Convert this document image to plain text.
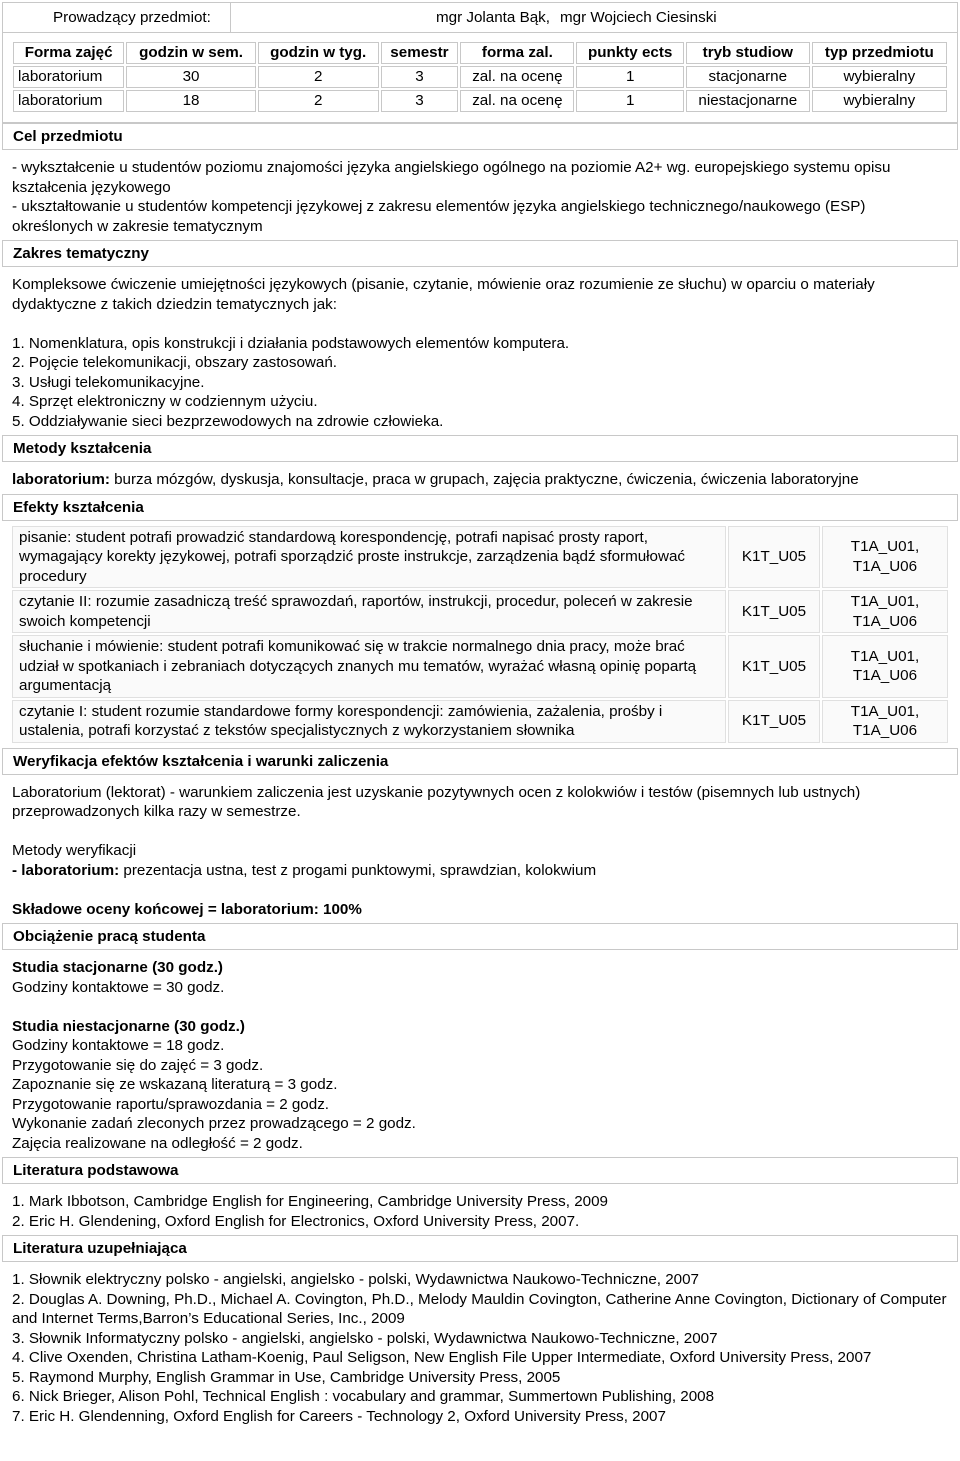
Prowadzący przedmiot:	mgr Jolanta Bąk, mgr Wojciech Ciesinski
Forma zajęć	godzin w sem.	godzin w tyg.	semestr	forma zal.	punkty ects	tryb studiow	typ przedmiotu
laboratorium	30	2	3	zal. na ocenę	1	stacjonarne	wybieralny
laboratorium	18	2	3	zal. na ocenę	1	niestacjonarne	wybieralny
Cel przedmiotu

- wykształcenie u studentów poziomu znajomości języka angielskiego ogólnego na poziomie A2+ wg. europejskiego systemu opisu kształcenia językowego

- ukształtowanie u studentów kompetencji językowej z zakresu elementów języka angielskiego technicznego/naukowego (ESP) określonych w zakresie tematycznym

Zakres tematyczny

Kompleksowe ćwiczenie umiejętności językowych (pisanie, czytanie, mówienie oraz rozumienie ze słuchu) w oparciu o materiały dydaktyczne z takich dziedzin tematycznych jak:

1. Nomenklatura, opis konstrukcji i działania podstawowych elementów komputera.

2. Pojęcie telekomunikacji, obszary zastosowań.

3. Usługi telekomunikacyjne.

4. Sprzęt elektroniczny w codziennym użyciu.

5. Oddziaływanie sieci bezprzewodowych na zdrowie człowieka.

Metody kształcenia

laboratorium: burza mózgów, dyskusja, konsultacje, praca w grupach, zajęcia praktyczne, ćwiczenia, ćwiczenia laboratoryjne

Efekty kształcenia
pisanie: student potrafi prowadzić standardową korespondencję, potrafi napisać prosty raport, wymagający korekty językowej, potrafi sporządzić proste instrukcje, zarządzenia bądź sformułować procedury	K1T_U05	T1A_U01, T1A_U06
czytanie II: rozumie zasadniczą treść sprawozdań, raportów, instrukcji, procedur, poleceń w zakresie swoich kompetencji	K1T_U05	T1A_U01, T1A_U06
słuchanie i mówienie: student potrafi komunikować się w trakcie normalnego dnia pracy, może brać udział w spotkaniach i zebraniach dotyczących znanych mu tematów, wyrażać własną opinię popartą argumentacją	K1T_U05	T1A_U01, T1A_U06
czytanie I: student rozumie standardowe formy korespondencji: zamówienia, zażalenia, prośby i ustalenia, potrafi korzystać z tekstów specjalistycznych z wykorzystaniem słownika	K1T_U05	T1A_U01, T1A_U06
Weryfikacja efektów kształcenia i warunki zaliczenia

Laboratorium (lektorat) - warunkiem zaliczenia jest uzyskanie pozytywnych ocen z kolokwiów i testów (pisemnych lub ustnych) przeprowadzonych kilka razy w semestrze.

Metody weryfikacji

- laboratorium: prezentacja ustna, test z progami punktowymi, sprawdzian, kolokwium

Składowe oceny końcowej = laboratorium: 100%

Obciążenie pracą studenta

Studia stacjonarne (30 godz.)

Godziny kontaktowe = 30 godz.

Studia niestacjonarne (30 godz.)

Godziny kontaktowe = 18 godz.

Przygotowanie się do zajęć = 3 godz.

Zapoznanie się ze wskazaną literaturą = 3 godz.

Przygotowanie raportu/sprawozdania = 2 godz.

Wykonanie zadań zleconych przez prowadzącego = 2 godz.

Zajęcia realizowane na odległość = 2 godz.

Literatura podstawowa

1. Mark Ibbotson, Cambridge English for Engineering, Cambridge University Press, 2009

2. Eric H. Glendening, Oxford English for Electronics, Oxford University Press, 2007.

Literatura uzupełniająca

1. Słownik elektryczny polsko - angielski, angielsko - polski, Wydawnictwa Naukowo-Techniczne, 2007

2. Douglas A. Downing, Ph.D., Michael A. Covington, Ph.D., Melody Mauldin Covington, Catherine Anne Covington, Dictionary of Computer and Internet Terms,Barron’s Educational Series, Inc., 2009

3. Słownik Informatyczny polsko - angielski, angielsko - polski, Wydawnictwa Naukowo-Techniczne, 2007

4. Clive Oxenden, Christina Latham-Koenig, Paul Seligson, New English File Upper Intermediate, Oxford University Press, 2007

5. Raymond Murphy, English Grammar in Use, Cambridge University Press, 2005

6. Nick Brieger, Alison Pohl, Technical English : vocabulary and grammar, Summertown Publishing, 2008

7. Eric H. Glendenning, Oxford English for Careers - Technology 2, Oxford University Press, 2007
